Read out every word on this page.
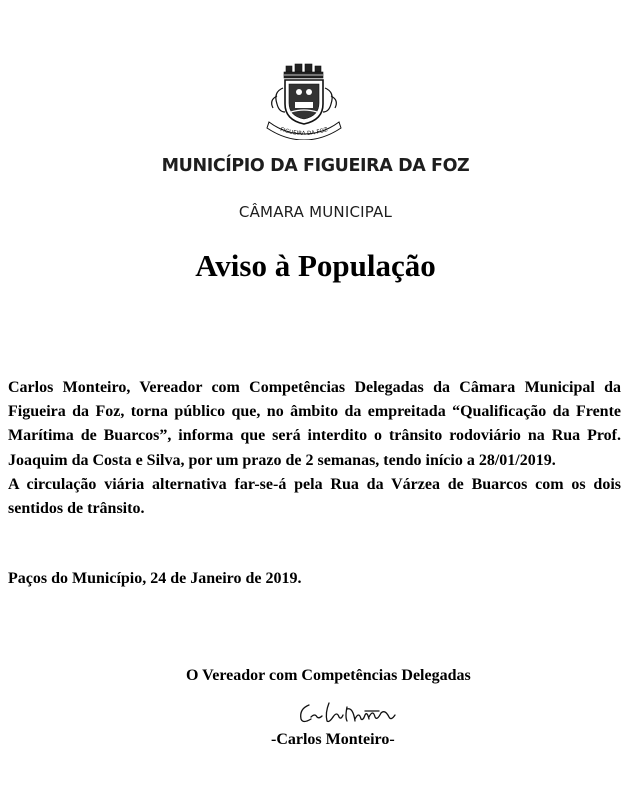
FIGUEIRA DA FOZ
MUNICÍPIO DA FIGUEIRA DA FOZ
CÂMARA MUNICIPAL
Aviso à População

Carlos Monteiro, Vereador com Competências Delegadas da Câmara Municipal da Figueira da Foz, torna público que, no âmbito da empreitada “Qualificação da Frente Marítima de Buarcos”, informa que será interdito o trânsito rodoviário na Rua Prof. Joaquim da Costa e Silva, por um prazo de 2 semanas, tendo início a 28/01/2019.

A circulação viária alternativa far-se-á pela Rua da Várzea de Buarcos com os dois sentidos de trânsito.

Paços do Município, 24 de Janeiro de 2019.
O Vereador com Competências Delegadas
-Carlos Monteiro-
